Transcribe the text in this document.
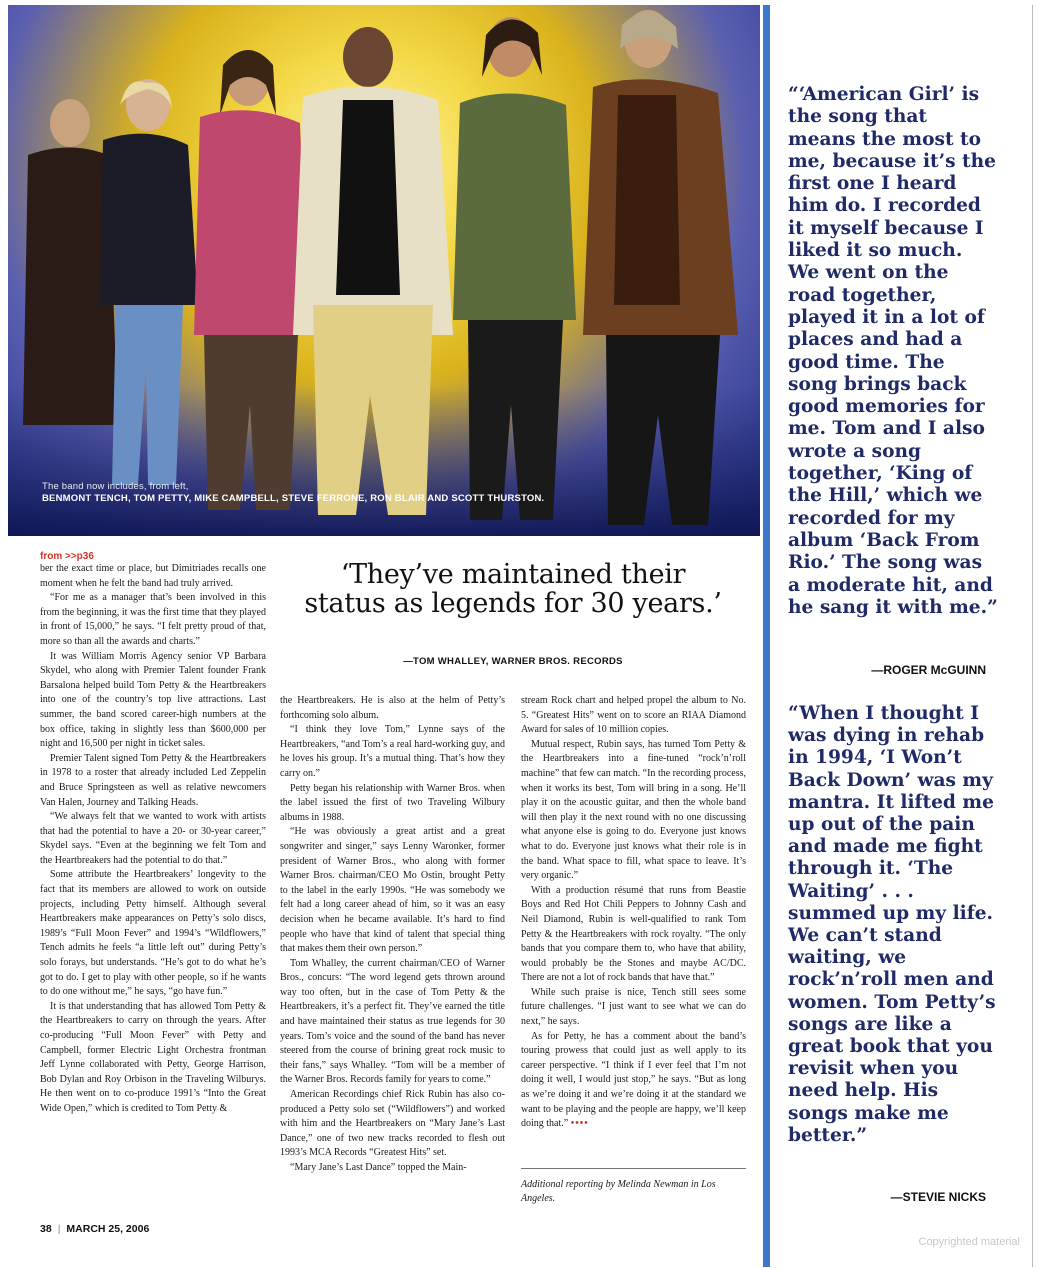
The band now includes, from left,
BENMONT TENCH, TOM PETTY, MIKE CAMPBELL, STEVE FERRONE, RON BLAIR AND SCOTT THURSTON.
“‘American Girl’ is the song that means the most to me, because it’s the first one I heard him do. I recorded it myself because I liked it so much. We went on the road together, played it in a lot of places and had a good time. The song brings back good memories for me. Tom and I also wrote a song together, ‘King of the Hill,’ which we recorded for my album ‘Back From Rio.’ The song was a moderate hit, and he sang it with me.”
—ROGER McGUINN
“When I thought I was dying in rehab in 1994, ‘I Won’t Back Down’ was my mantra. It lifted me up out of the pain and made me fight through it. ‘The Waiting’ . . . summed up my life. We can’t stand waiting, we rock’n’roll men and women. Tom Petty’s songs are like a great book that you revisit when you need help. His songs make me better.”
—STEVIE NICKS
from >>p36

ber the exact time or place, but Dimitriades recalls one moment when he felt the band had truly arrived.

“For me as a manager that’s been involved in this from the beginning, it was the first time that they played in front of 15,000,” he says. “I felt pretty proud of that, more so than all the awards and charts.”

It was William Morris Agency senior VP Barbara Skydel, who along with Premier Talent founder Frank Barsalona helped build Tom Petty & the Heartbreakers into one of the country’s top live attractions. Last summer, the band scored career-high numbers at the box office, taking in slightly less than $600,000 per night and 16,500 per night in ticket sales.

Premier Talent signed Tom Petty & the Heartbreakers in 1978 to a roster that already included Led Zeppelin and Bruce Springsteen as well as relative newcomers Van Halen, Journey and Talking Heads.

“We always felt that we wanted to work with artists that had the potential to have a 20- or 30-year career,” Skydel says. “Even at the beginning we felt Tom and the Heartbreakers had the potential to do that.”

Some attribute the Heartbreakers’ longevity to the fact that its members are allowed to work on outside projects, including Petty himself. Although several Heartbreakers make appearances on Petty’s solo discs, 1989’s “Full Moon Fever” and 1994’s “Wildflowers,” Tench admits he feels “a little left out” during Petty’s solo forays, but understands. “He’s got to do what he’s got to do. I get to play with other people, so if he wants to do one without me,” he says, “go have fun.”

It is that understanding that has allowed Tom Petty & the Heartbreakers to carry on through the years. After co-producing “Full Moon Fever” with Petty and Campbell, former Electric Light Orchestra frontman Jeff Lynne collaborated with Petty, George Harrison, Bob Dylan and Roy Orbison in the Traveling Wilburys. He then went on to co-produce 1991’s “Into the Great Wide Open,” which is credited to Tom Petty &

‘They’ve maintained their status as legends for 30 years.’
—TOM WHALLEY, WARNER BROS. RECORDS

the Heartbreakers. He is also at the helm of Petty’s forthcoming solo album.

“I think they love Tom,” Lynne says of the Heartbreakers, “and Tom’s a real hard-working guy, and he loves his group. It’s a mutual thing. That’s how they carry on.”

Petty began his relationship with Warner Bros. when the label issued the first of two Traveling Wilbury albums in 1988.

“He was obviously a great artist and a great songwriter and singer,” says Lenny Waronker, former president of Warner Bros., who along with former Warner Bros. chairman/CEO Mo Ostin, brought Petty to the label in the early 1990s. “He was somebody we felt had a long career ahead of him, so it was an easy decision when he became available. It’s hard to find people who have that kind of talent that special thing that makes them their own person.”

Tom Whalley, the current chairman/CEO of Warner Bros., concurs: “The word legend gets thrown around way too often, but in the case of Tom Petty & the Heartbreakers, it’s a perfect fit. They’ve earned the title and have maintained their status as true legends for 30 years. Tom’s voice and the sound of the band has never steered from the course of brining great rock music to their fans,” says Whalley. “Tom will be a member of the Warner Bros. Records family for years to come.”

American Recordings chief Rick Rubin has also co-produced a Petty solo set (“Wildflowers”) and worked with him and the Heartbreakers on “Mary Jane’s Last Dance,” one of two new tracks recorded to flesh out 1993’s MCA Records “Greatest Hits” set.

“Mary Jane’s Last Dance” topped the Main-

stream Rock chart and helped propel the album to No. 5. “Greatest Hits” went on to score an RIAA Diamond Award for sales of 10 million copies.

Mutual respect, Rubin says, has turned Tom Petty & the Heartbreakers into a fine-tuned “rock’n’roll machine” that few can match. “In the recording process, when it works its best, Tom will bring in a song. He’ll play it on the acoustic guitar, and then the whole band will then play it the next round with no one discussing what anyone else is going to do. Everyone just knows what to do. Everyone just knows what their role is in the band. What space to fill, what space to leave. It’s very organic.”

With a production résumé that runs from Beastie Boys and Red Hot Chili Peppers to Johnny Cash and Neil Diamond, Rubin is well-qualified to rank Tom Petty & the Heartbreakers with rock royalty. “The only bands that you compare them to, who have that ability, would probably be the Stones and maybe AC/DC. There are not a lot of rock bands that have that.”

While such praise is nice, Tench still sees some future challenges. “I just want to see what we can do next,” he says.

As for Petty, he has a comment about the band’s touring prowess that could just as well apply to its career perspective. “I think if I ever feel that I’m not doing it well, I would just stop,” he says. “But as long as we’re doing it and we’re doing it at the standard we want to be playing and the people are happy, we’ll keep doing that.” ••••

Additional reporting by Melinda Newman in Los Angeles.
38 | MARCH 25, 2006
Copyrighted material
